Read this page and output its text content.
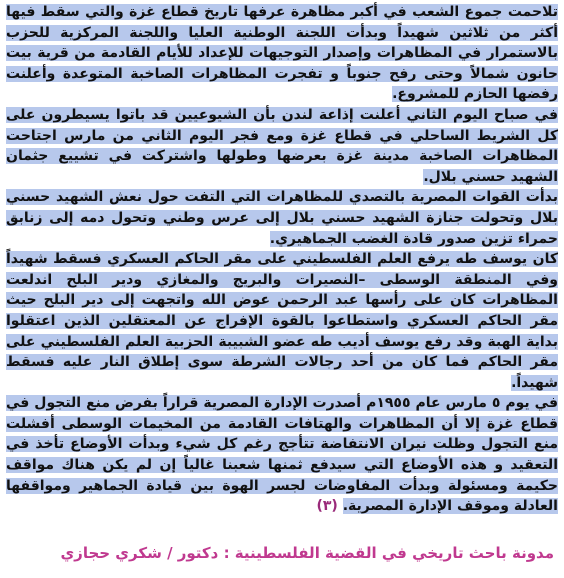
تلاحمت جموع الشعب في أكبر مظاهرة عرفها تاريخ قطاع غزة والتي سقط فيها أكثر من ثلاثين شهيداً وبدأت اللجنة الوطنية العليا واللجنة المركزية للحزب بالاستمرار في المظاهرات وإصدار التوجيهات للإعداد للأيام القادمة من قرية بيت حانون شمالاً وحتى رفح جنوباً و تفجرت المظاهرات الصاخبة المتوعدة وأعلنت رفضها الحازم للمشروع.

في صباح اليوم الثاني أعلنت إذاعة لندن بأن الشيوعيين قد باتوا يسيطرون على كل الشريط الساحلي في قطاع غزة ومع فجر اليوم الثاني من مارس اجتاحت المظاهرات الصاخبة مدينة غزة بعرضها وطولها واشتركت في تشييع جثمان الشهيد حسني بلال.

بدأت القوات المصرية بالتصدي للمظاهرات التي التفت حول نعش الشهيد حسني بلال وتحولت جنازة الشهيد حسني بلال إلى عرس وطني وتحول دمه إلى زنابق حمراء تزين صدور قادة الغضب الجماهيري.

كان يوسف طه يرفع العلم الفلسطيني على مقر الحاكم العسكري فسقط شهيداً وفي المنطقة الوسطى –النصيرات والبريج والمغازي ودير البلح اندلعت المظاهرات كان على رأسها عبد الرحمن عوض الله واتجهت إلى دير البلح حيث مقر الحاكم العسكري واستطاعوا بالقوة الإفراج عن المعتقلين الذين اعتقلوا بداية الهبة وقد رفع يوسف أديب طه عضو الشبيبة الحزبية العلم الفلسطيني على مقر الحاكم فما كان من أحد رجالات الشرطة سوى إطلاق النار عليه فسقط شهيداً.

في يوم ٥ مارس عام ١٩٥٥م أصدرت الإدارة المصرية قراراً بفرض منع التجول في قطاع غزة إلا أن المظاهرات والهتافات القادمة من المخيمات الوسطى أفشلت منع التجول وظلت نيران الانتفاضة تتأجج رغم كل شيء وبدأت الأوضاع تأخذ في التعقيد و هذه الأوضاع التي سيدفع ثمنها شعبنا غالياً إن لم يكن هناك مواقف حكيمة ومسئولة وبدأت المفاوضات لجسر الهوة بين قيادة الجماهير ومواقفها العادلة وموقف الإدارة المصرية. (٣)

مدونة باحث تاريخي في القضية الفلسطينية : دكتور / شكري حجازي
